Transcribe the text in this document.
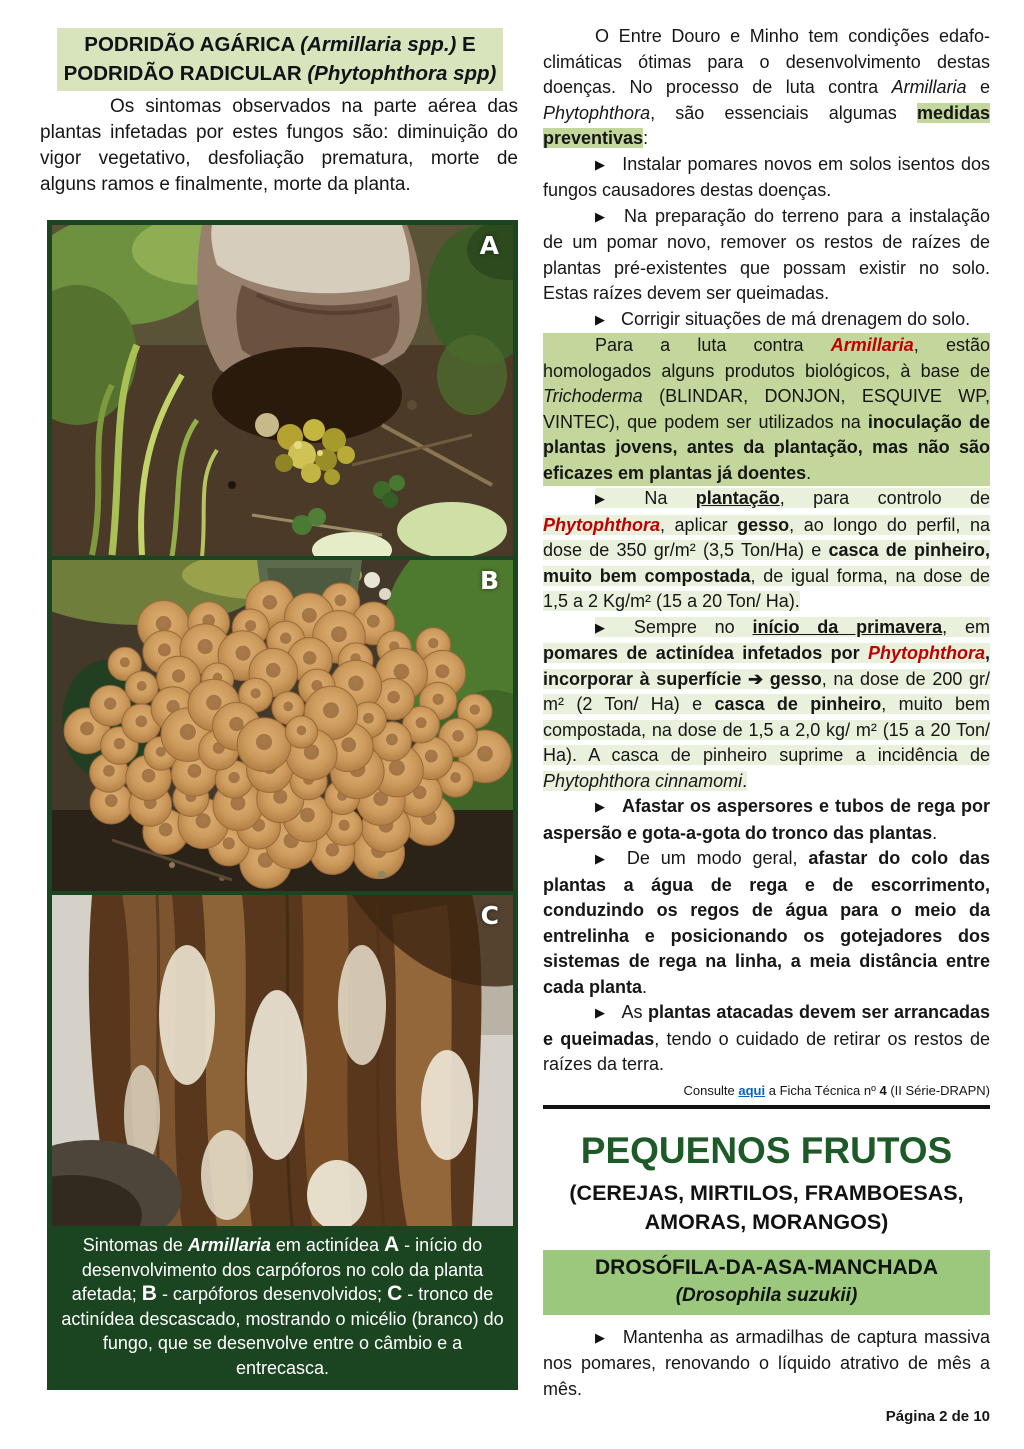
PODRIDÃO AGÁRICA (Armillaria spp.) E PODRIDÃO RADICULAR (Phytophthora spp)

Os sintomas observados na parte aérea das plantas infetadas por estes fungos são: diminuição do vigor vegetativo, desfoliação prematura, morte de alguns ramos e finalmente, morte da planta.

A
B
C
Sintomas de Armillaria em actinídea A - início do desenvolvimento dos carpóforos no colo da planta afetada; B - carpóforos desenvolvidos; C - tronco de actinídea descascado, mostrando o micélio (branco) do fungo, que se desenvolve entre o câmbio e a entrecasca.

O Entre Douro e Minho tem condições edafo-climáticas ótimas para o desenvolvimento destas doenças. No processo de luta contra Armillaria e Phytophthora, são essenciais algumas medidas preventivas:

▶ Instalar pomares novos em solos isentos dos fungos causadores destas doenças.

▶ Na preparação do terreno para a instalação de um pomar novo, remover os restos de raízes de plantas pré-existentes que possam existir no solo. Estas raízes devem ser queimadas.

▶ Corrigir situações de má drenagem do solo.

Para a luta contra Armillaria, estão homologados alguns produtos biológicos, à base de Trichoderma (BLINDAR, DONJON, ESQUIVE WP, VINTEC), que podem ser utilizados na inoculação de plantas jovens, antes da plantação, mas não são eficazes em plantas já doentes.

▶ Na plantação, para controlo de Phytophthora, aplicar gesso, ao longo do perfil, na dose de 350 gr/m² (3,5 Ton/Ha) e casca de pinheiro, muito bem compostada, de igual forma, na dose de 1,5 a 2 Kg/m² (15 a 20 Ton/ Ha).

▶ Sempre no início da primavera, em pomares de actinídea infetados por Phytophthora, incorporar à superfície ➔ gesso, na dose de 200 gr/ m² (2 Ton/ Ha) e casca de pinheiro, muito bem compostada, na dose de 1,5 a 2,0 kg/ m² (15 a 20 Ton/ Ha). A casca de pinheiro suprime a incidência de Phytophthora cinnamomi.

▶ Afastar os aspersores e tubos de rega por aspersão e gota-a-gota do tronco das plantas.

▶ De um modo geral, afastar do colo das plantas a água de rega e de escorrimento, conduzindo os regos de água para o meio da entrelinha e posicionando os gotejadores dos sistemas de rega na linha, a meia distância entre cada planta.

▶ As plantas atacadas devem ser arrancadas e queimadas, tendo o cuidado de retirar os restos de raízes da terra.

Consulte aqui a Ficha Técnica nº 4 (II Série-DRAPN)

PEQUENOS FRUTOS
(CEREJAS, MIRTILOS, FRAMBOESAS, AMORAS, MORANGOS)
DROSÓFILA-DA-ASA-MANCHADA
(Drosophila suzukii)

▶ Mantenha as armadilhas de captura massiva nos pomares, renovando o líquido atrativo de mês a mês.

Página 2 de 10
